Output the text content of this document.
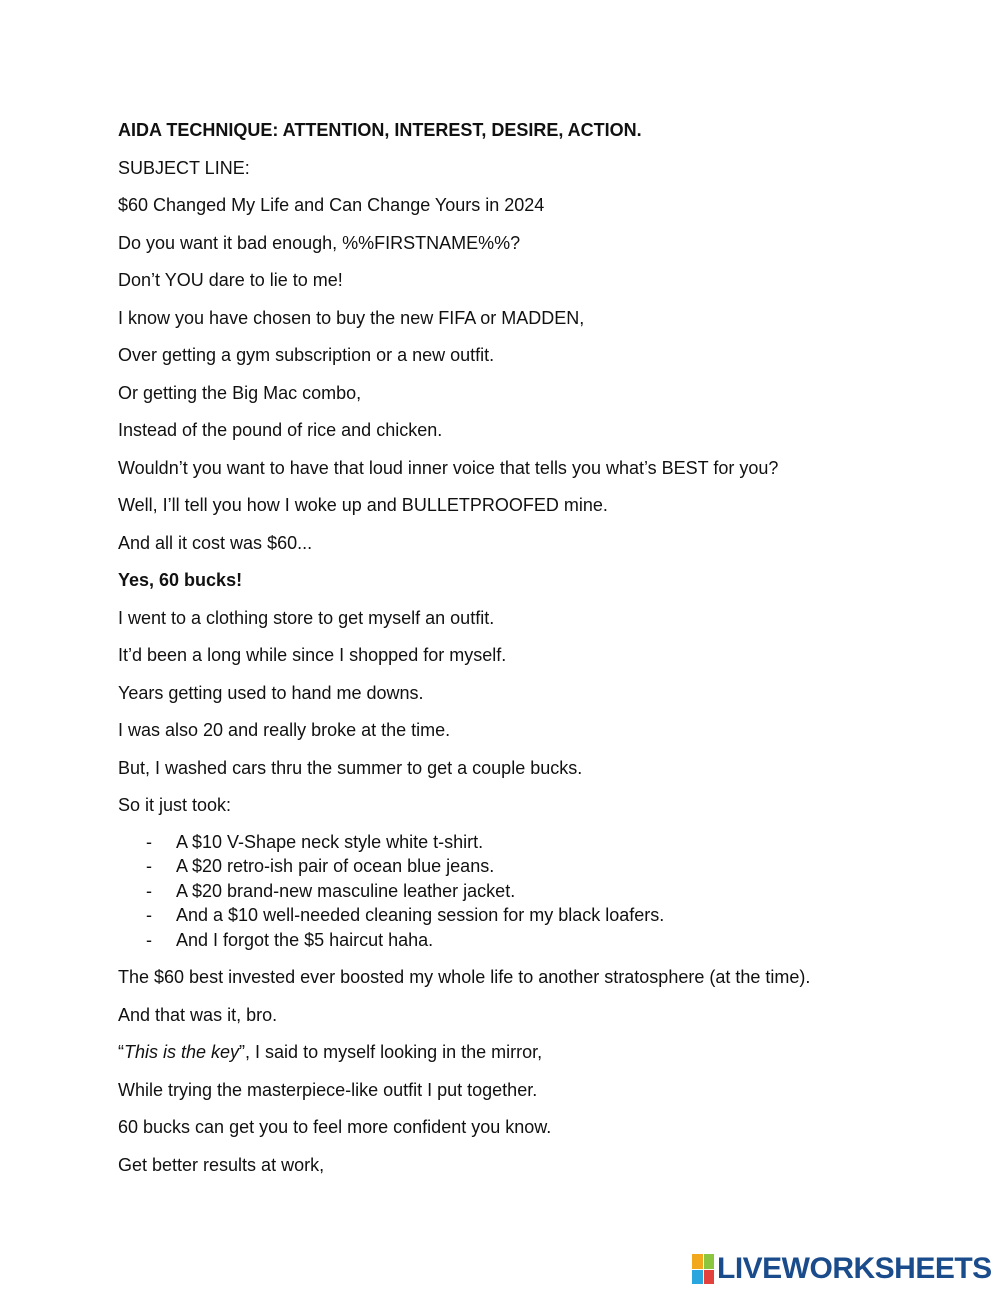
AIDA TECHNIQUE: ATTENTION, INTEREST, DESIRE, ACTION.

SUBJECT LINE:

$60 Changed My Life and Can Change Yours in 2024

Do you want it bad enough, %%FIRSTNAME%%?

Don’t YOU dare to lie to me!

I know you have chosen to buy the new FIFA or MADDEN,

Over getting a gym subscription or a new outfit.

Or getting the Big Mac combo,

Instead of the pound of rice and chicken.

Wouldn’t you want to have that loud inner voice that tells you what’s BEST for you?

Well, I’ll tell you how I woke up and BULLETPROOFED mine.

And all it cost was $60...

Yes, 60 bucks!

I went to a clothing store to get myself an outfit.

It’d been a long while since I shopped for myself.

Years getting used to hand me downs.

I was also 20 and really broke at the time.

But, I washed cars thru the summer to get a couple bucks.

So it just took:

-	A $10 V-Shape neck style white t-shirt.
-	A $20 retro-ish pair of ocean blue jeans.
-	A $20 brand-new masculine leather jacket.
-	And a $10 well-needed cleaning session for my black loafers.
-	And I forgot the $5 haircut haha.

The $60 best invested ever boosted my whole life to another stratosphere (at the time).

And that was it, bro.

“This is the key”, I said to myself looking in the mirror,

While trying the masterpiece-like outfit I put together.

60 bucks can get you to feel more confident you know.

Get better results at work,

LIVEWORKSHEETS
